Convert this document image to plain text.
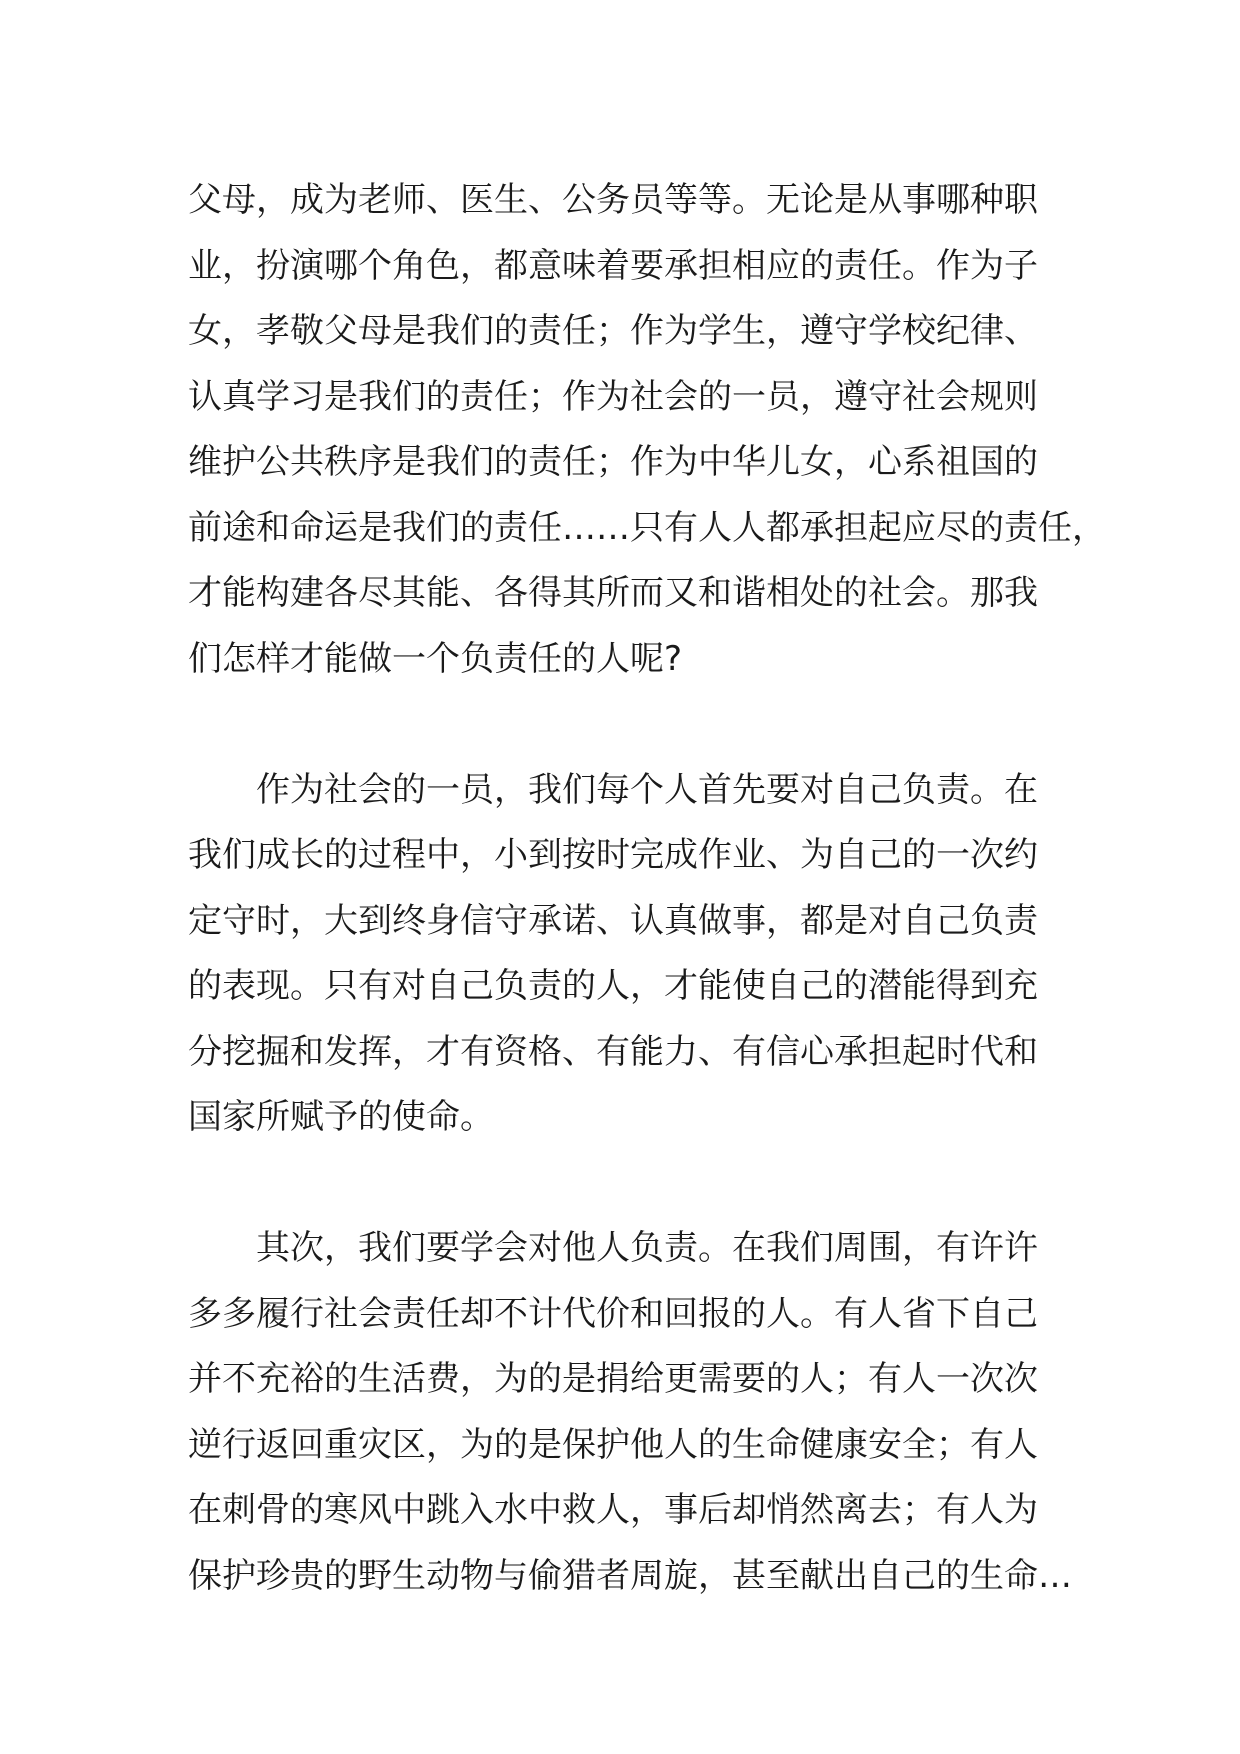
父母，成为老师、医生、公务员等等。无论是从事哪种职
业，扮演哪个角色，都意味着要承担相应的责任。作为子
女，孝敬父母是我们的责任；作为学生，遵守学校纪律、
认真学习是我们的责任；作为社会的一员，遵守社会规则
维护公共秩序是我们的责任；作为中华儿女，心系祖国的
前途和命运是我们的责任……只有人人都承担起应尽的责任，
才能构建各尽其能、各得其所而又和谐相处的社会。那我
们怎样才能做一个负责任的人呢?
作为社会的一员，我们每个人首先要对自己负责。在
我们成长的过程中，小到按时完成作业、为自己的一次约
定守时，大到终身信守承诺、认真做事，都是对自己负责
的表现。只有对自己负责的人，才能使自己的潜能得到充
分挖掘和发挥，才有资格、有能力、有信心承担起时代和
国家所赋予的使命。
其次，我们要学会对他人负责。在我们周围，有许许
多多履行社会责任却不计代价和回报的人。有人省下自己
并不充裕的生活费，为的是捐给更需要的人；有人一次次
逆行返回重灾区，为的是保护他人的生命健康安全；有人
在刺骨的寒风中跳入水中救人，事后却悄然离去；有人为
保护珍贵的野生动物与偷猎者周旋，甚至献出自己的生命…
